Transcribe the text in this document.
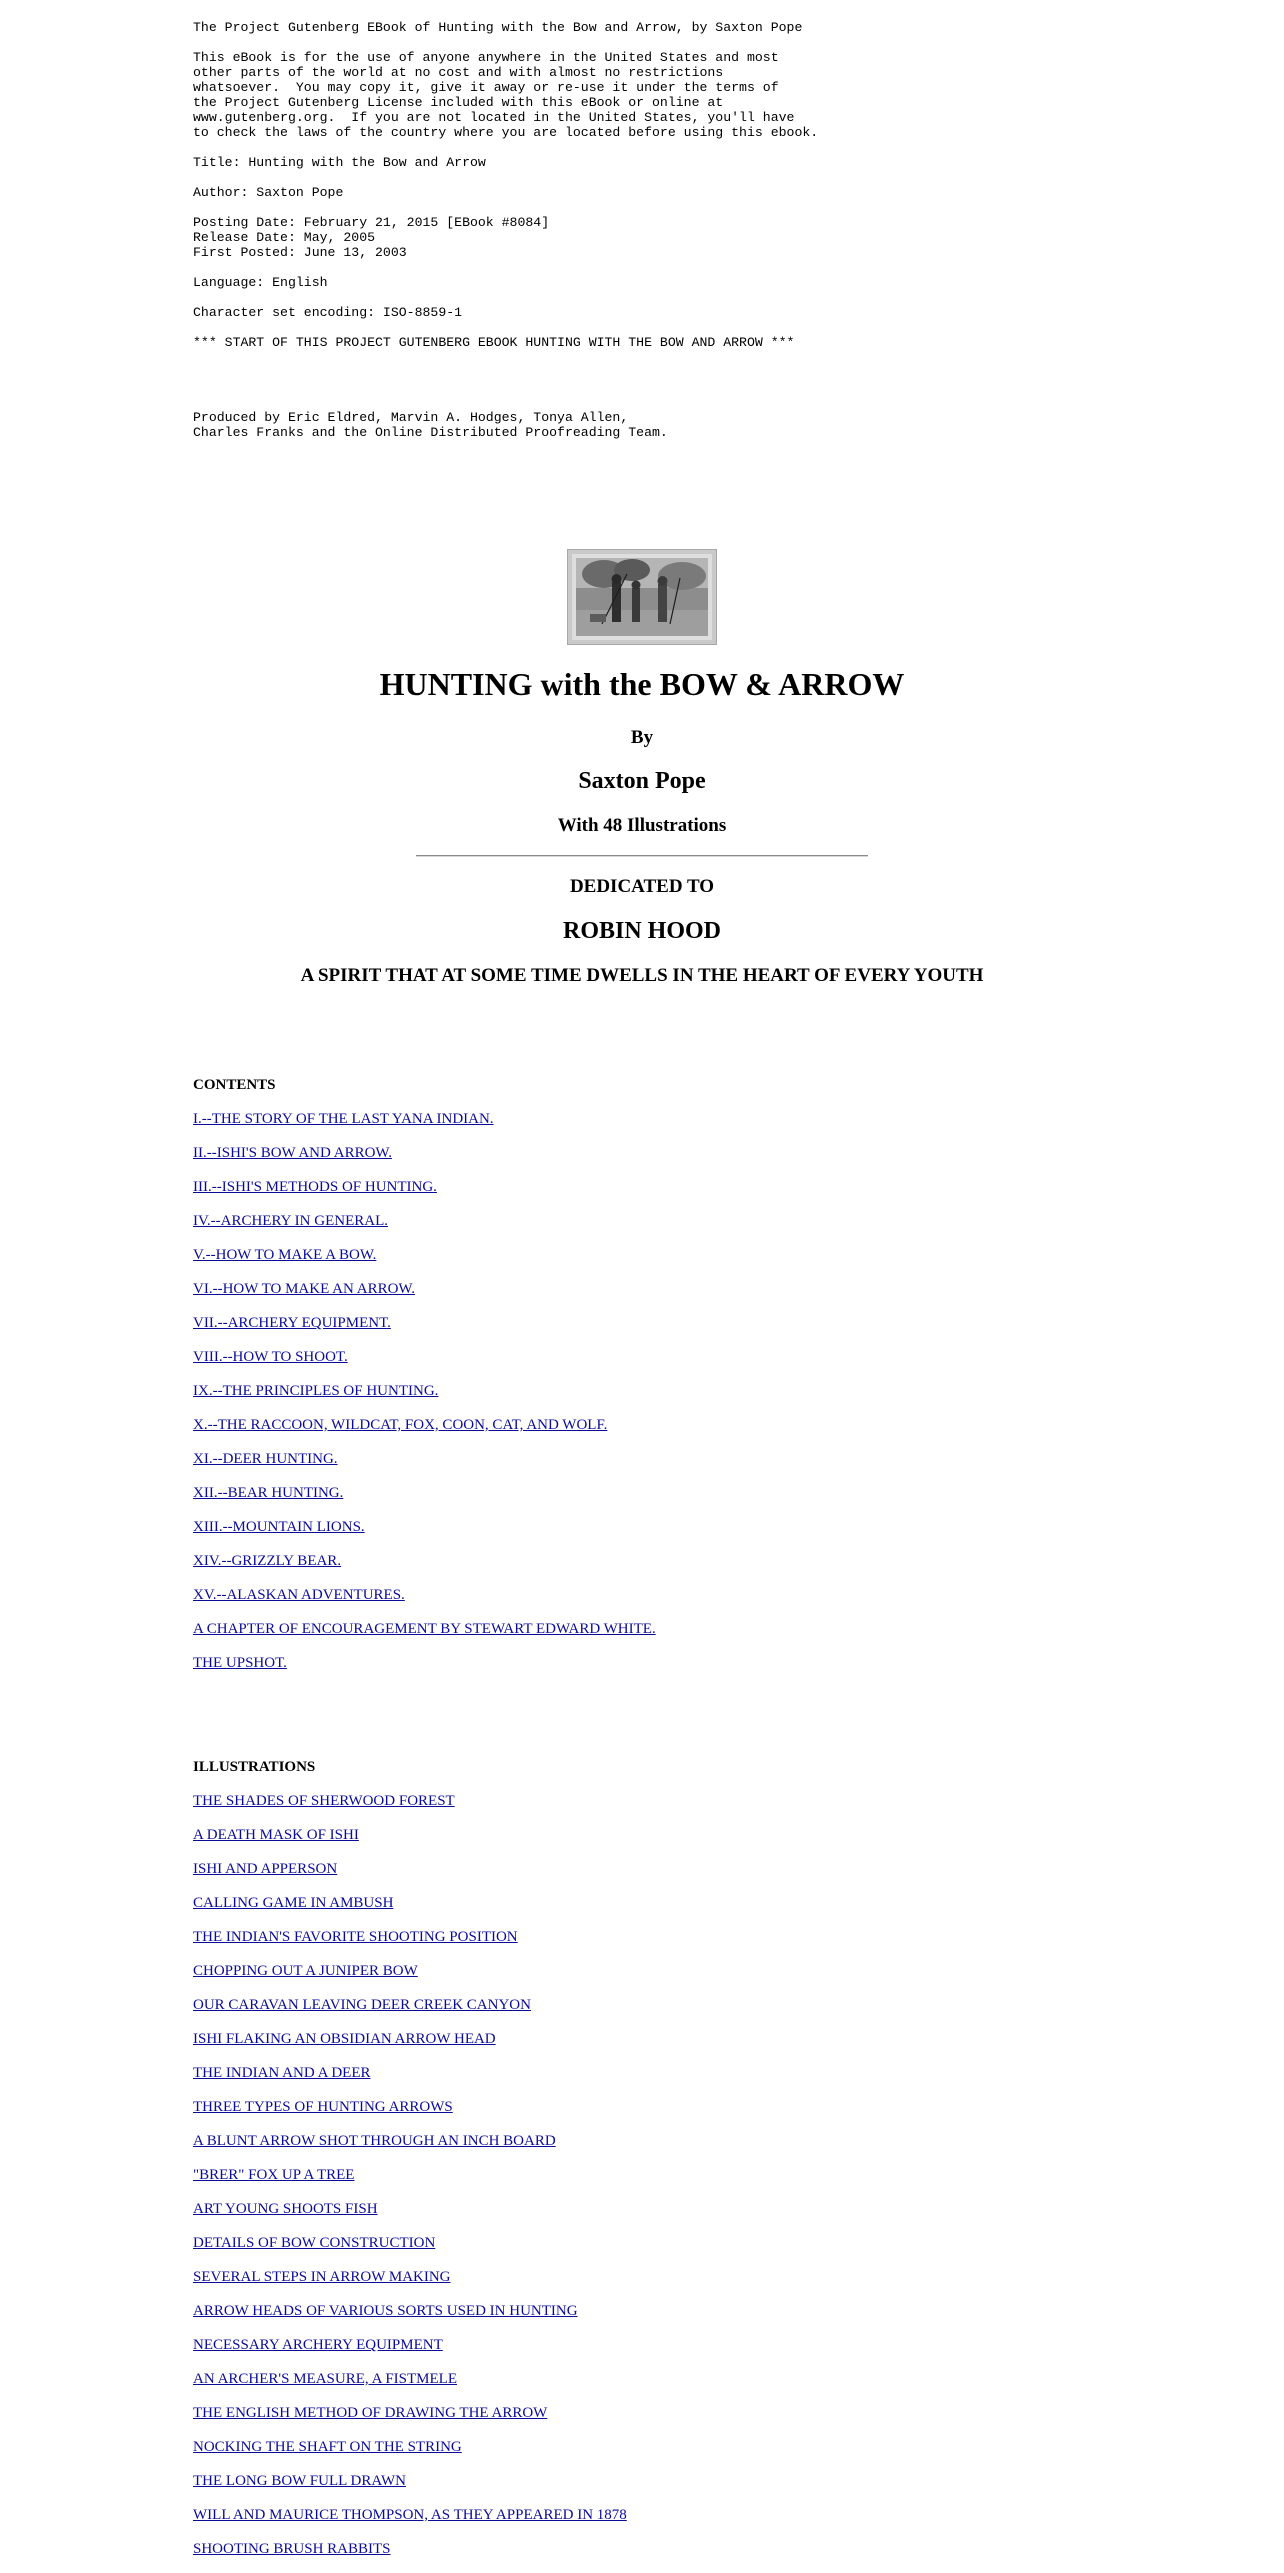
The Project Gutenberg EBook of Hunting with the Bow and Arrow, by Saxton Pope

This eBook is for the use of anyone anywhere in the United States and most
other parts of the world at no cost and with almost no restrictions
whatsoever.  You may copy it, give it away or re-use it under the terms of
the Project Gutenberg License included with this eBook or online at
www.gutenberg.org.  If you are not located in the United States, you'll have
to check the laws of the country where you are located before using this ebook.

Title: Hunting with the Bow and Arrow

Author: Saxton Pope

Posting Date: February 21, 2015 [EBook #8084]
Release Date: May, 2005
First Posted: June 13, 2003

Language: English

Character set encoding: ISO-8859-1

*** START OF THIS PROJECT GUTENBERG EBOOK HUNTING WITH THE BOW AND ARROW ***

Produced by Eric Eldred, Marvin A. Hodges, Tonya Allen,
Charles Franks and the Online Distributed Proofreading Team.

HUNTING with the BOW & ARROW
By
Saxton Pope
With 48 Illustrations
DEDICATED TO
ROBIN HOOD
A SPIRIT THAT AT SOME TIME DWELLS IN THE HEART OF EVERY YOUTH
CONTENTS
I.--THE STORY OF THE LAST YANA INDIAN.
II.--ISHI'S BOW AND ARROW.
III.--ISHI'S METHODS OF HUNTING.
IV.--ARCHERY IN GENERAL.
V.--HOW TO MAKE A BOW.
VI.--HOW TO MAKE AN ARROW.
VII.--ARCHERY EQUIPMENT.
VIII.--HOW TO SHOOT.
IX.--THE PRINCIPLES OF HUNTING.
X.--THE RACCOON, WILDCAT, FOX, COON, CAT, AND WOLF.
XI.--DEER HUNTING.
XII.--BEAR HUNTING.
XIII.--MOUNTAIN LIONS.
XIV.--GRIZZLY BEAR.
XV.--ALASKAN ADVENTURES.
A CHAPTER OF ENCOURAGEMENT BY STEWART EDWARD WHITE.
THE UPSHOT.
ILLUSTRATIONS
THE SHADES OF SHERWOOD FOREST
A DEATH MASK OF ISHI
ISHI AND APPERSON
CALLING GAME IN AMBUSH
THE INDIAN'S FAVORITE SHOOTING POSITION
CHOPPING OUT A JUNIPER BOW
OUR CARAVAN LEAVING DEER CREEK CANYON
ISHI FLAKING AN OBSIDIAN ARROW HEAD
THE INDIAN AND A DEER
THREE TYPES OF HUNTING ARROWS
A BLUNT ARROW SHOT THROUGH AN INCH BOARD
"BRER" FOX UP A TREE
ART YOUNG SHOOTS FISH
DETAILS OF BOW CONSTRUCTION
SEVERAL STEPS IN ARROW MAKING
ARROW HEADS OF VARIOUS SORTS USED IN HUNTING
NECESSARY ARCHERY EQUIPMENT
AN ARCHER'S MEASURE, A FISTMELE
THE ENGLISH METHOD OF DRAWING THE ARROW
NOCKING THE SHAFT ON THE STRING
THE LONG BOW FULL DRAWN
WILL AND MAURICE THOMPSON, AS THEY APPEARED IN 1878
SHOOTING BRUSH RABBITS
